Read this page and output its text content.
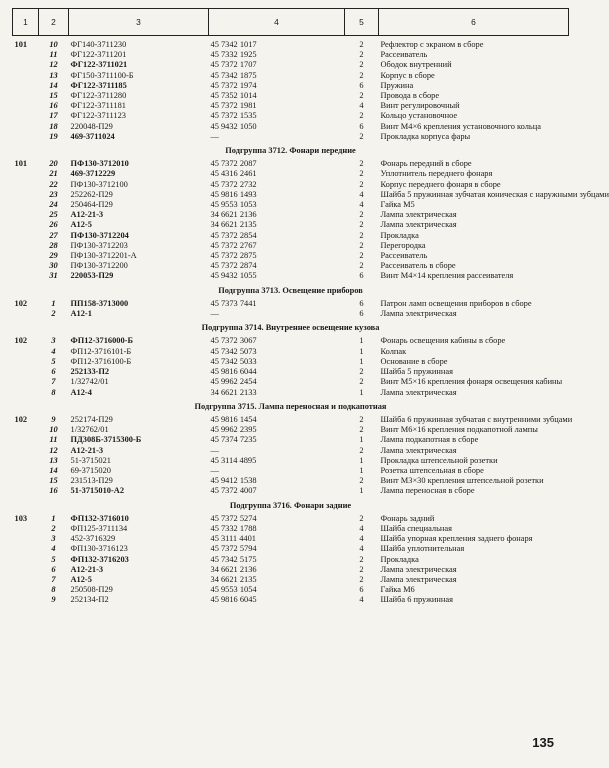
1	2	3	4	5	6

101	10	ФГ140-3711230	45 7342 1017	2	Рефлектор с экраном в сборе
	11	ФГ122-3711201	45 7332 1925	2	Рассеиватель
	12	ФГ122-3711021	45 7372 1707	2	Ободок внутренний
	13	ФГ150-3711100-Б	45 7342 1875	2	Корпус в сборе
	14	ФГ122-3711185	45 7372 1974	6	Пружина
	15	ФГ122-3711280	45 7352 1014	2	Провода в сборе
	16	ФГ122-3711181	45 7372 1981	4	Винт регулировочный
	17	ФГ122-3711123	45 7372 1535	2	Кольцо установочное
	18	220048-П29	45 9432 1050	6	Винт М4×6 крепления установочного кольца
	19	469-3711024	—	2	Прокладка корпуса фары
Подгруппа 3712. Фонари передние					
101	20	ПФ130-3712010	45 7372 2087	2	Фонарь передний в сборе
	21	469-3712229	45 4316 2461	2	Уплотнитель переднего фонаря
	22	ПФ130-3712100	45 7372 2732	2	Корпус переднего фонаря в сборе
	23	252262-П29	45 9816 1493	4	Шайба 5 пружинная зубчатая коническая с наружными зубцами
	24	250464-П29	45 9553 1053	4	Гайка М5
	25	А12-21-3	34 6621 2136	2	Лампа электрическая
	26	А12-5	34 6621 2135	2	Лампа электрическая
	27	ПФ130-3712204	45 7372 2854	2	Прокладка
	28	ПФ130-3712203	45 7372 2767	2	Перегородка
	29	ПФ130-3712201-А	45 7372 2875	2	Рассеиватель
	30	ПФ130-3712200	45 7372 2874	2	Рассеиватель в сборе
	31	220053-П29	45 9432 1055	6	Винт М4×14 крепления рассеивателя
Подгруппа 3713. Освещение приборов					
102	1	ПП158-3713000	45 7373 7441	6	Патрон ламп освещения приборов в сборе
	2	А12-1	—	6	Лампа электрическая
Подгруппа 3714. Внутреннее освещение кузова					
102	3	ФП12-3716000-Б	45 7372 3067	1	Фонарь освещения кабины в сборе
	4	ФП12-3716101-Б	45 7342 5073	1	Колпак
	5	ФП12-3716100-Б	45 7342 5033	1	Основание в сборе
	6	252133-П2	45 9816 6044	2	Шайба 5 пружинная
	7	1/32742/01	45 9962 2454	2	Винт М5×16 крепления фонаря освещения кабины
	8	А12-4	34 6621 2133	1	Лампа электрическая
Подгруппа 3715. Лампа переносная и подкапотная					
102	9	252174-П29	45 9816 1454	2	Шайба 6 пружинная зубчатая с внутренними зубцами
	10	1/32762/01	45 9962 2395	2	Винт М6×16 крепления подкапотной лампы
	11	ПД308Б-3715300-Б	45 7374 7235	1	Лампа подкапотная в сборе
	12	А12-21-3	—	2	Лампа электрическая
	13	51-3715021	45 3114 4895	1	Прокладка штепсельной розетки
	14	69-3715020	—	1	Розетка штепсельная в сборе
	15	231513-П29	45 9412 1538	2	Винт М3×30 крепления штепсельной розетки
	16	51-3715010-А2	45 7372 4007	1	Лампа переносная в сборе
Подгруппа 3716. Фонари задние					
103	1	ФП132-3716010	45 7372 5274	2	Фонарь задний
	2	ФП125-3711134	45 7332 1788	4	Шайба специальная
	3	452-3716329	45 3111 4401	4	Шайба упорная крепления заднего фонаря
	4	ФП130-3716123	45 7372 5794	4	Шайба уплотнительная
	5	ФП132-3716203	45 7342 5175	2	Прокладка
	6	А12-21-3	34 6621 2136	2	Лампа электрическая
	7	А12-5	34 6621 2135	2	Лампа электрическая
	8	250508-П29	45 9553 1054	6	Гайка М6
	9	252134-П2	45 9816 6045	4	Шайба 6 пружинная
135
